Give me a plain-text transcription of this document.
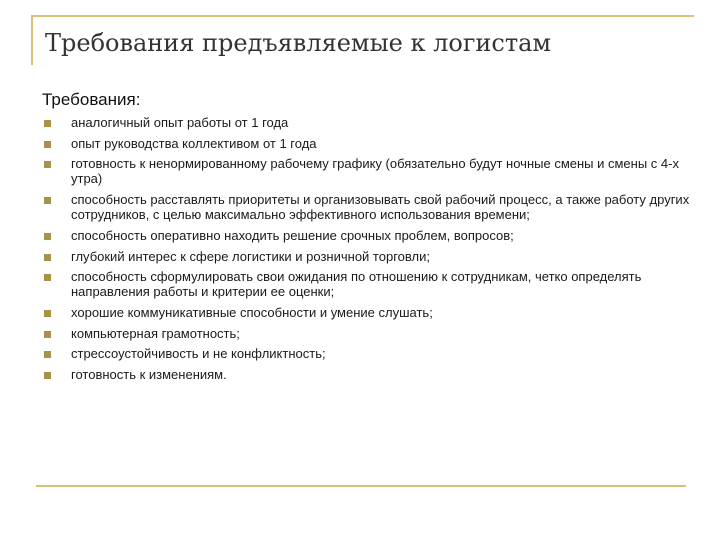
Требования предъявляемые к логистам
Требования:
аналогичный опыт работы от 1 года
опыт руководства коллективом от 1 года
готовность к ненормированному рабочему графику (обязательно будут ночные смены и смены с 4-х утра)
способность расставлять приоритеты и организовывать свой рабочий процесс, а также работу других сотрудников, с целью максимально эффективного использования времени;
способность оперативно находить решение срочных проблем, вопросов;
глубокий интерес к сфере логистики и розничной торговли;
способность сформулировать свои ожидания по отношению к сотрудникам, четко определять направления работы и критерии ее оценки;
хорошие коммуникативные способности и умение слушать;
компьютерная грамотность;
стрессоустойчивость и не конфликтность;
готовность к изменениям.
